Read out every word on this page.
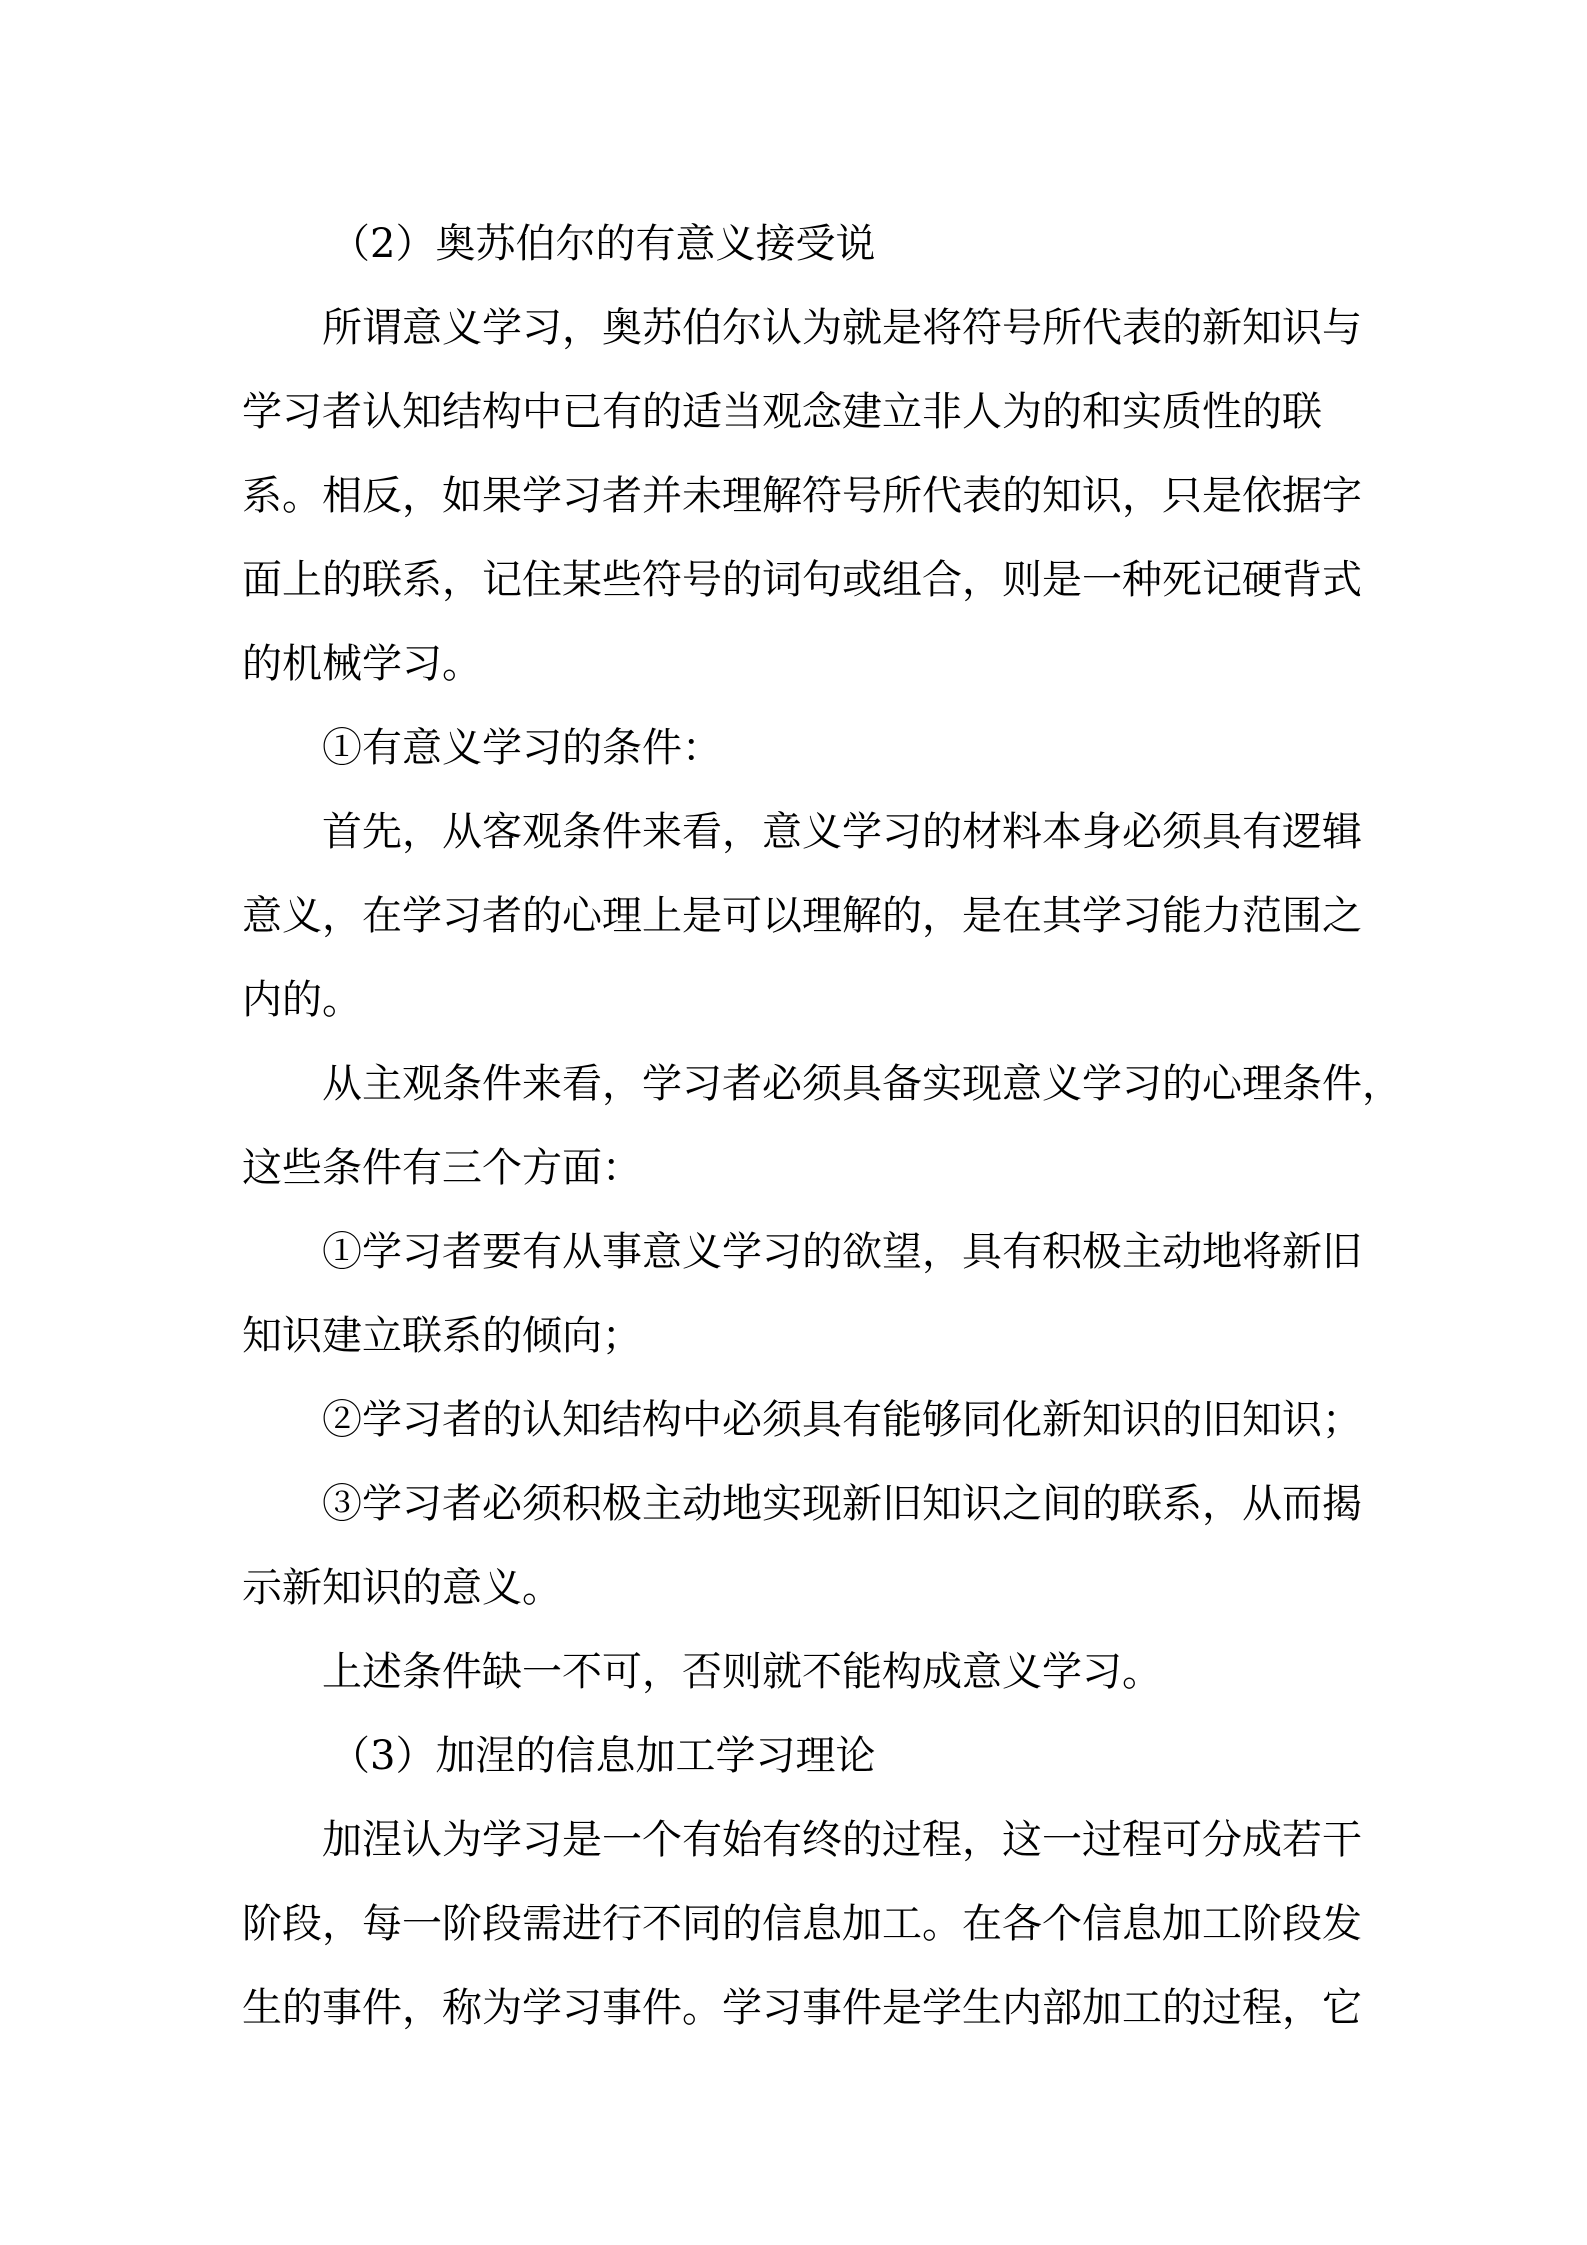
（2）奥苏伯尔的有意义接受说
所谓意义学习，奥苏伯尔认为就是将符号所代表的新知识与
学习者认知结构中已有的适当观念建立非人为的和实质性的联
系。相反，如果学习者并未理解符号所代表的知识，只是依据字
面上的联系，记住某些符号的词句或组合，则是一种死记硬背式
的机械学习。
①有意义学习的条件：
首先，从客观条件来看，意义学习的材料本身必须具有逻辑
意义，在学习者的心理上是可以理解的，是在其学习能力范围之
内的。
从主观条件来看，学习者必须具备实现意义学习的心理条件，
这些条件有三个方面：
①学习者要有从事意义学习的欲望，具有积极主动地将新旧
知识建立联系的倾向；
②学习者的认知结构中必须具有能够同化新知识的旧知识；
③学习者必须积极主动地实现新旧知识之间的联系，从而揭
示新知识的意义。
上述条件缺一不可，否则就不能构成意义学习。
（3）加涅的信息加工学习理论
加涅认为学习是一个有始有终的过程，这一过程可分成若干
阶段，每一阶段需进行不同的信息加工。在各个信息加工阶段发
生的事件，称为学习事件。学习事件是学生内部加工的过程，它
